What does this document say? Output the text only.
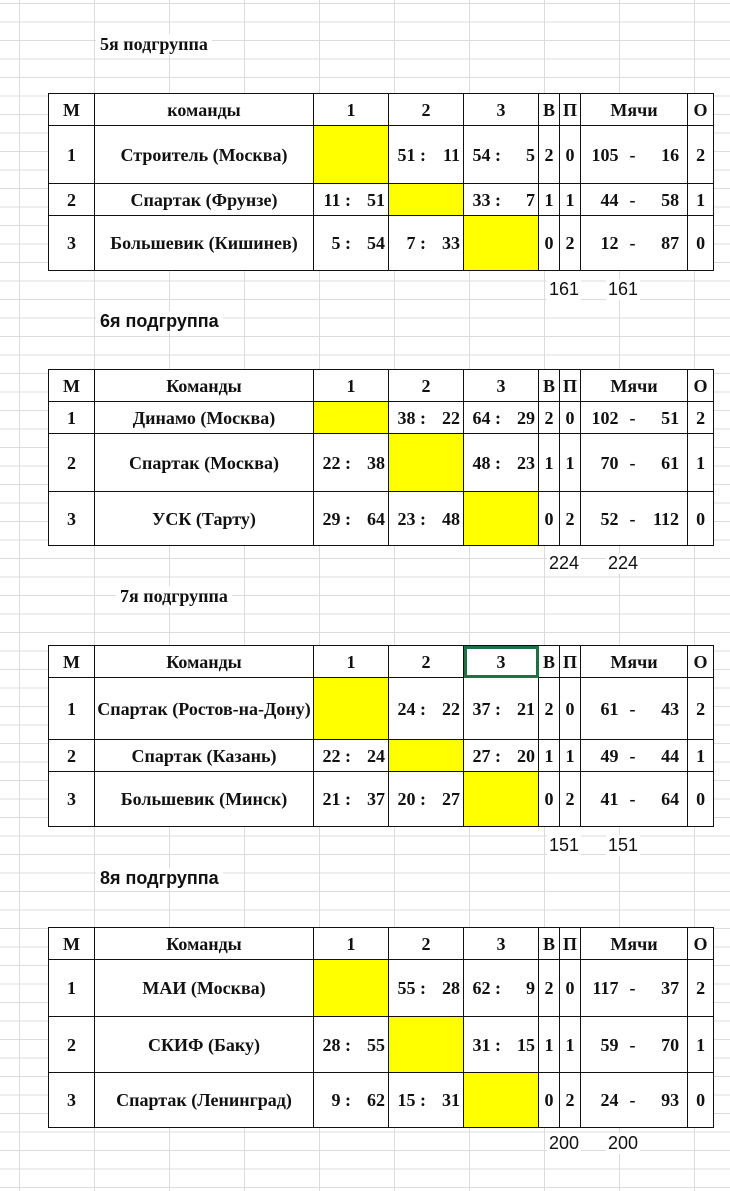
5я подгруппа
М	команды	1			2			3			В	П	Мячи			О
1	Строитель (Москва)				51	:	11	54	:	5	2	0	105	-	16	2
2	Спартак (Фрунзе)	11	:	51				33	:	7	1	1	44	-	58	1
3	Большевик (Кишинев)	5	:	54	7	:	33				0	2	12	-	87	0
161 161
6я подгруппа
М	Команды	1			2			3			В	П	Мячи			О
1	Динамо (Москва)				38	:	22	64	:	29	2	0	102	-	51	2
2	Спартак (Москва)	22	:	38				48	:	23	1	1	70	-	61	1
3	УСК (Тарту)	29	:	64	23	:	48				0	2	52	-	112	0
224 224
7я подгруппа
М	Команды	1			2			3			В	П	Мячи			О
1	Спартак (Ростов-на-Дону)				24	:	22	37	:	21	2	0	61	-	43	2
2	Спартак (Казань)	22	:	24				27	:	20	1	1	49	-	44	1
3	Большевик (Минск)	21	:	37	20	:	27				0	2	41	-	64	0
151 151
8я подгруппа
М	Команды	1			2			3			В	П	Мячи			О
1	МАИ (Москва)				55	:	28	62	:	9	2	0	117	-	37	2
2	СКИФ (Баку)	28	:	55				31	:	15	1	1	59	-	70	1
3	Спартак (Ленинград)	9	:	62	15	:	31				0	2	24	-	93	0
200 200
